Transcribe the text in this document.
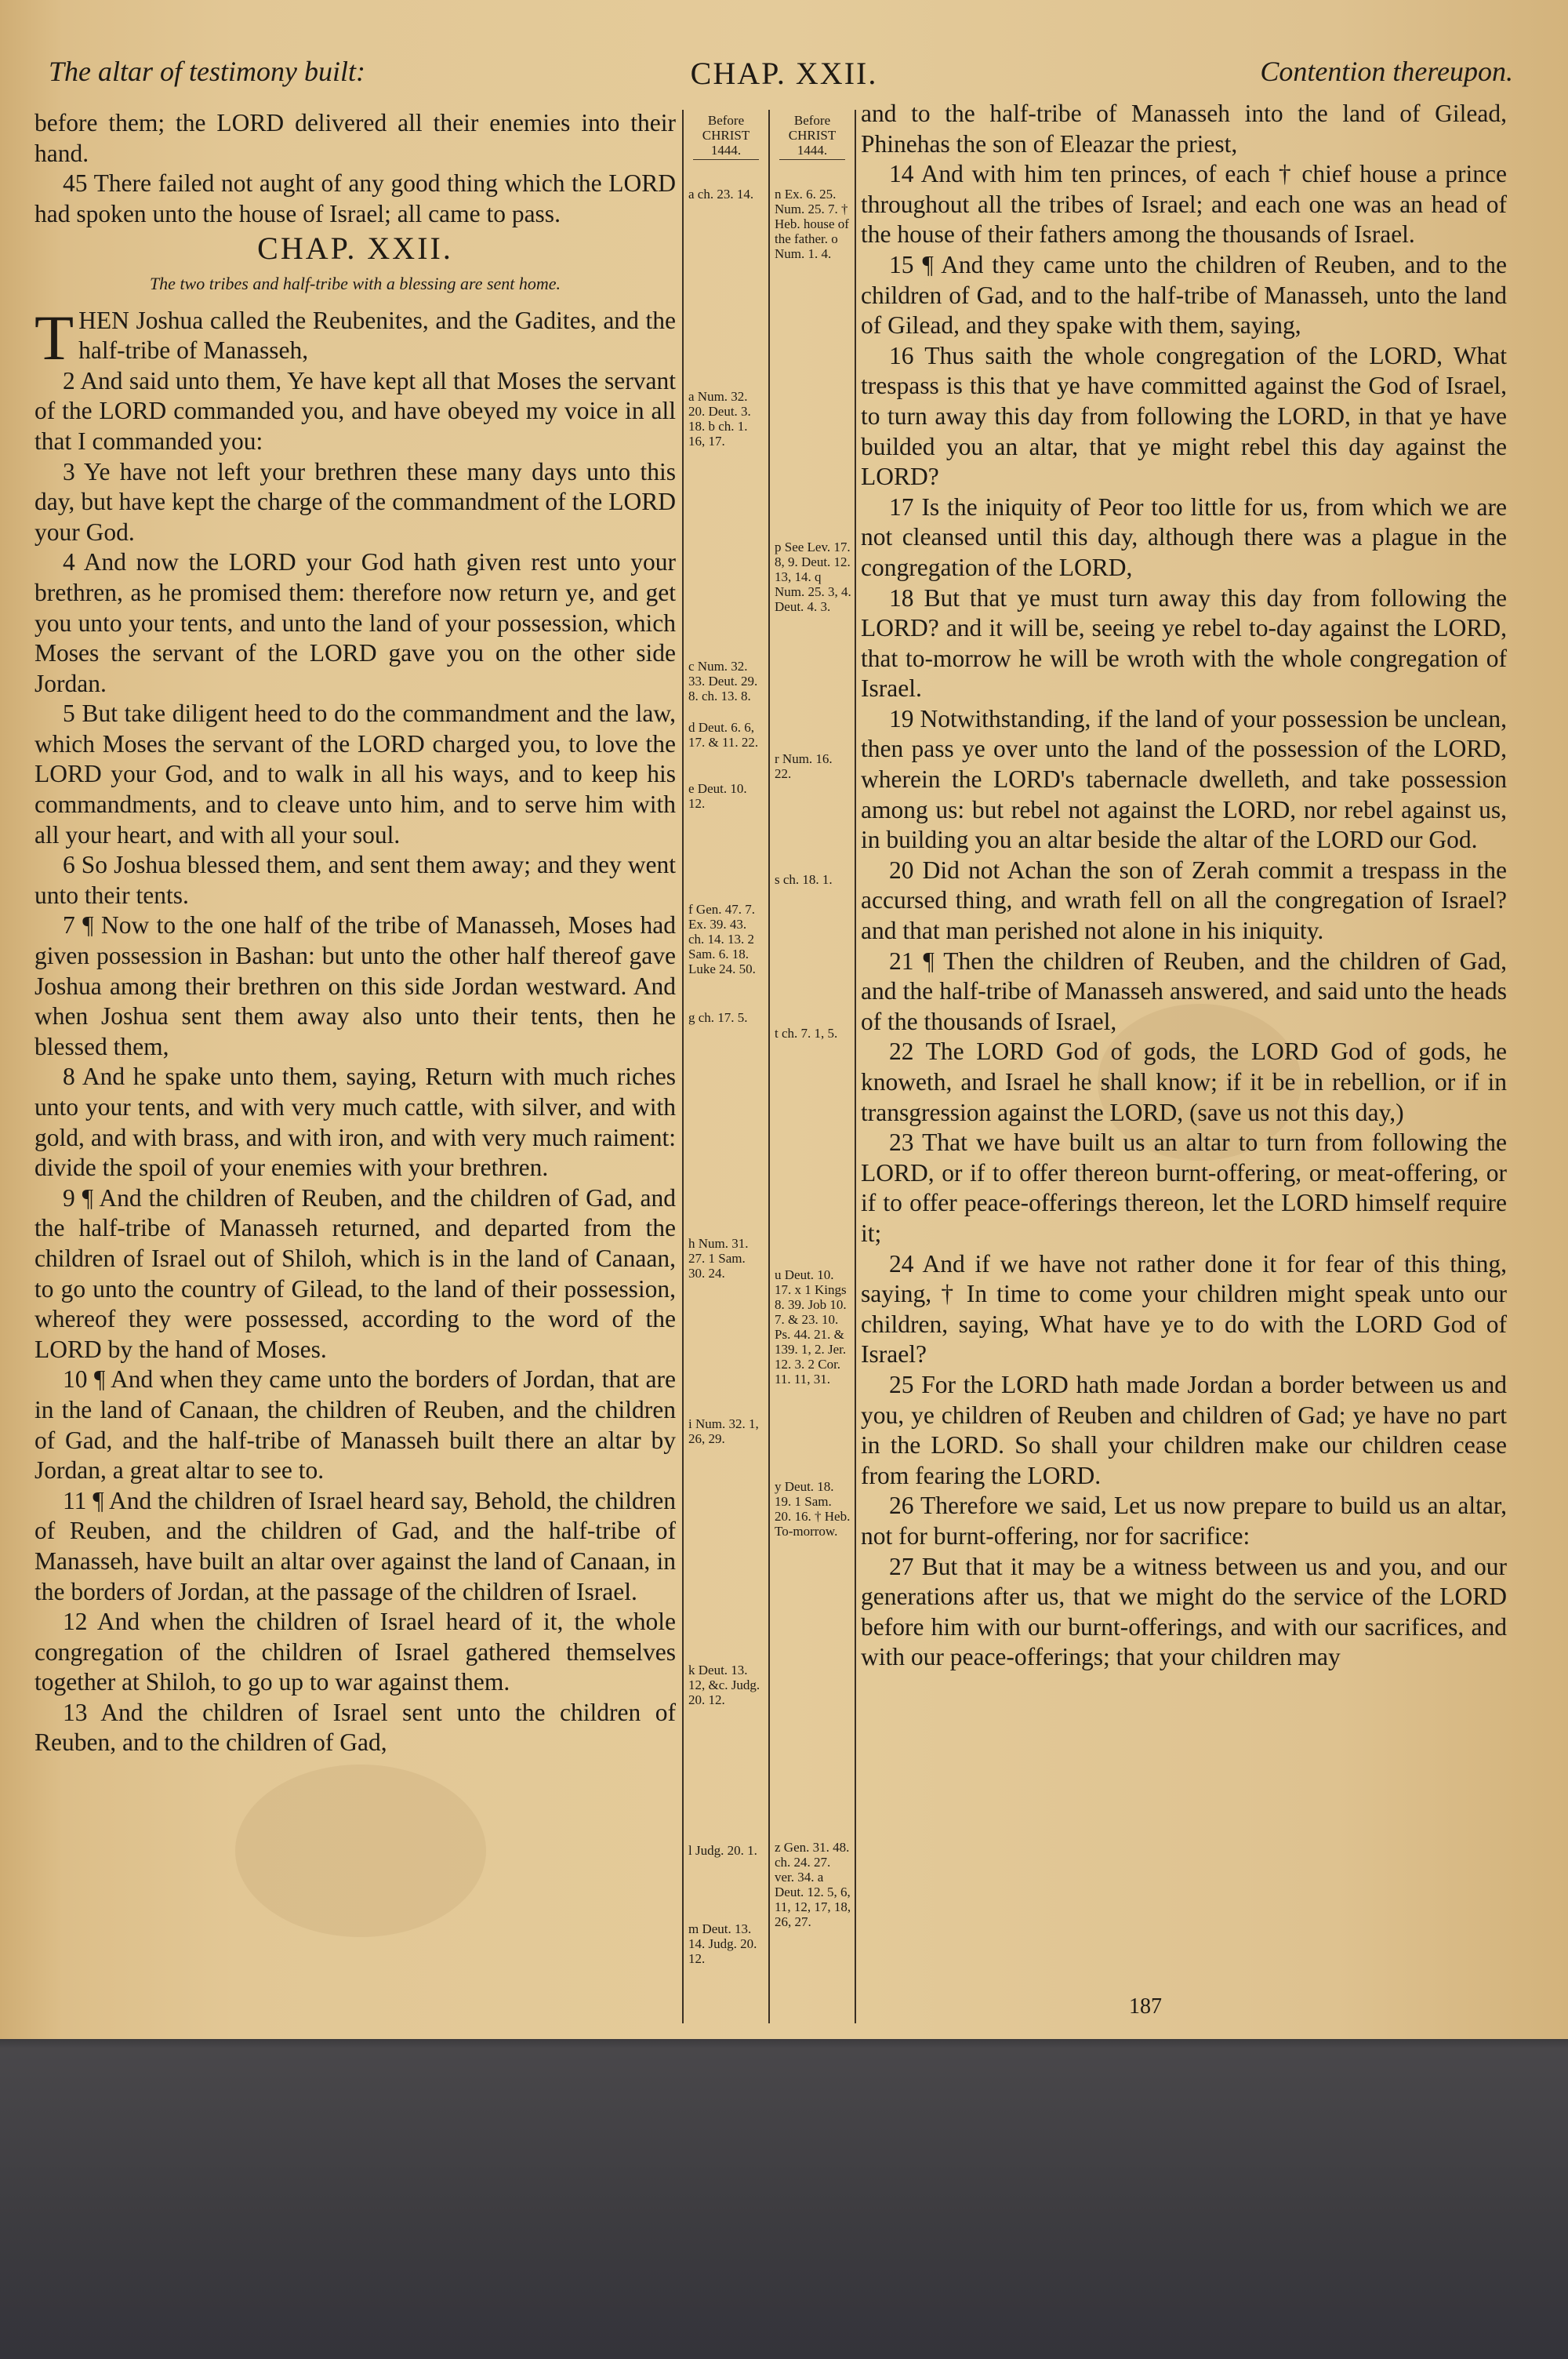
The altar of testimony built:	CHAP. XXII.	Contention thereupon.

before them; the LORD delivered all their enemies into their hand.

45 There failed not aught of any good thing which the LORD had spoken unto the house of Israel; all came to pass.

CHAP. XXII.
The two tribes and half-tribe with a blessing are sent home.

THEN Joshua called the Reubenites, and the Gadites, and the half-tribe of Manasseh,

2 And said unto them, Ye have kept all that Moses the servant of the LORD commanded you, and have obeyed my voice in all that I commanded you:

3 Ye have not left your brethren these many days unto this day, but have kept the charge of the commandment of the LORD your God.

4 And now the LORD your God hath given rest unto your brethren, as he promised them: therefore now return ye, and get you unto your tents, and unto the land of your possession, which Moses the servant of the LORD gave you on the other side Jordan.

5 But take diligent heed to do the commandment and the law, which Moses the servant of the LORD charged you, to love the LORD your God, and to walk in all his ways, and to keep his commandments, and to cleave unto him, and to serve him with all your heart, and with all your soul.

6 So Joshua blessed them, and sent them away; and they went unto their tents.

7 ¶ Now to the one half of the tribe of Manasseh, Moses had given possession in Bashan: but unto the other half thereof gave Joshua among their brethren on this side Jordan westward. And when Joshua sent them away also unto their tents, then he blessed them,

8 And he spake unto them, saying, Return with much riches unto your tents, and with very much cattle, with silver, and with gold, and with brass, and with iron, and with very much raiment: divide the spoil of your enemies with your brethren.

9 ¶ And the children of Reuben, and the children of Gad, and the half-tribe of Manasseh returned, and departed from the children of Israel out of Shiloh, which is in the land of Canaan, to go unto the country of Gilead, to the land of their possession, whereof they were possessed, according to the word of the LORD by the hand of Moses.

10 ¶ And when they came unto the borders of Jordan, that are in the land of Canaan, the children of Reuben, and the children of Gad, and the half-tribe of Manasseh built there an altar by Jordan, a great altar to see to.

11 ¶ And the children of Israel heard say, Behold, the children of Reuben, and the children of Gad, and the half-tribe of Manasseh, have built an altar over against the land of Canaan, in the borders of Jordan, at the passage of the children of Israel.

12 And when the children of Israel heard of it, the whole congregation of the children of Israel gathered themselves together at Shiloh, to go up to war against them.

13 And the children of Israel sent unto the children of Reuben, and to the children of Gad,

Before
CHRIST
1444.
Before
CHRIST
1444.
a ch. 23. 14.
a Num. 32. 20. Deut. 3. 18. b ch. 1. 16, 17.
c Num. 32. 33. Deut. 29. 8. ch. 13. 8.
d Deut. 6. 6, 17. & 11. 22.
e Deut. 10. 12.
f Gen. 47. 7. Ex. 39. 43. ch. 14. 13. 2 Sam. 6. 18. Luke 24. 50.
g ch. 17. 5.
h Num. 31. 27. 1 Sam. 30. 24.
i Num. 32. 1, 26, 29.
k Deut. 13. 12, &c. Judg. 20. 12.
l Judg. 20. 1.
m Deut. 13. 14. Judg. 20. 12.
n Ex. 6. 25. Num. 25. 7. † Heb. house of the father. o Num. 1. 4.
p See Lev. 17. 8, 9. Deut. 12. 13, 14. q Num. 25. 3, 4. Deut. 4. 3.
r Num. 16. 22.
s ch. 18. 1.
t ch. 7. 1, 5.
u Deut. 10. 17. x 1 Kings 8. 39. Job 10. 7. & 23. 10. Ps. 44. 21. & 139. 1, 2. Jer. 12. 3. 2 Cor. 11. 11, 31.
y Deut. 18. 19. 1 Sam. 20. 16. † Heb. To-morrow.
z Gen. 31. 48. ch. 24. 27. ver. 34. a Deut. 12. 5, 6, 11, 12, 17, 18, 26, 27.

and to the half-tribe of Manasseh into the land of Gilead, Phinehas the son of Eleazar the priest,

14 And with him ten princes, of each † chief house a prince throughout all the tribes of Israel; and each one was an head of the house of their fathers among the thousands of Israel.

15 ¶ And they came unto the children of Reuben, and to the children of Gad, and to the half-tribe of Manasseh, unto the land of Gilead, and they spake with them, saying,

16 Thus saith the whole congregation of the LORD, What trespass is this that ye have committed against the God of Israel, to turn away this day from following the LORD, in that ye have builded you an altar, that ye might rebel this day against the LORD?

17 Is the iniquity of Peor too little for us, from which we are not cleansed until this day, although there was a plague in the congregation of the LORD,

18 But that ye must turn away this day from following the LORD? and it will be, seeing ye rebel to-day against the LORD, that to-morrow he will be wroth with the whole congregation of Israel.

19 Notwithstanding, if the land of your possession be unclean, then pass ye over unto the land of the possession of the LORD, wherein the LORD's tabernacle dwelleth, and take possession among us: but rebel not against the LORD, nor rebel against us, in building you an altar beside the altar of the LORD our God.

20 Did not Achan the son of Zerah commit a trespass in the accursed thing, and wrath fell on all the congregation of Israel? and that man perished not alone in his iniquity.

21 ¶ Then the children of Reuben, and the children of Gad, and the half-tribe of Manasseh answered, and said unto the heads of the thousands of Israel,

22 The LORD God of gods, the LORD God of gods, he knoweth, and Israel he shall know; if it be in rebellion, or if in transgression against the LORD, (save us not this day,)

23 That we have built us an altar to turn from following the LORD, or if to offer thereon burnt-offering, or meat-offering, or if to offer peace-offerings thereon, let the LORD himself require it;

24 And if we have not rather done it for fear of this thing, saying, † In time to come your children might speak unto our children, saying, What have ye to do with the LORD God of Israel?

25 For the LORD hath made Jordan a border between us and you, ye children of Reuben and children of Gad; ye have no part in the LORD. So shall your children make our children cease from fearing the LORD.

26 Therefore we said, Let us now prepare to build us an altar, not for burnt-offering, nor for sacrifice:

27 But that it may be a witness between us and you, and our generations after us, that we might do the service of the LORD before him with our burnt-offerings, and with our sacrifices, and with our peace-offerings; that your children may

187
